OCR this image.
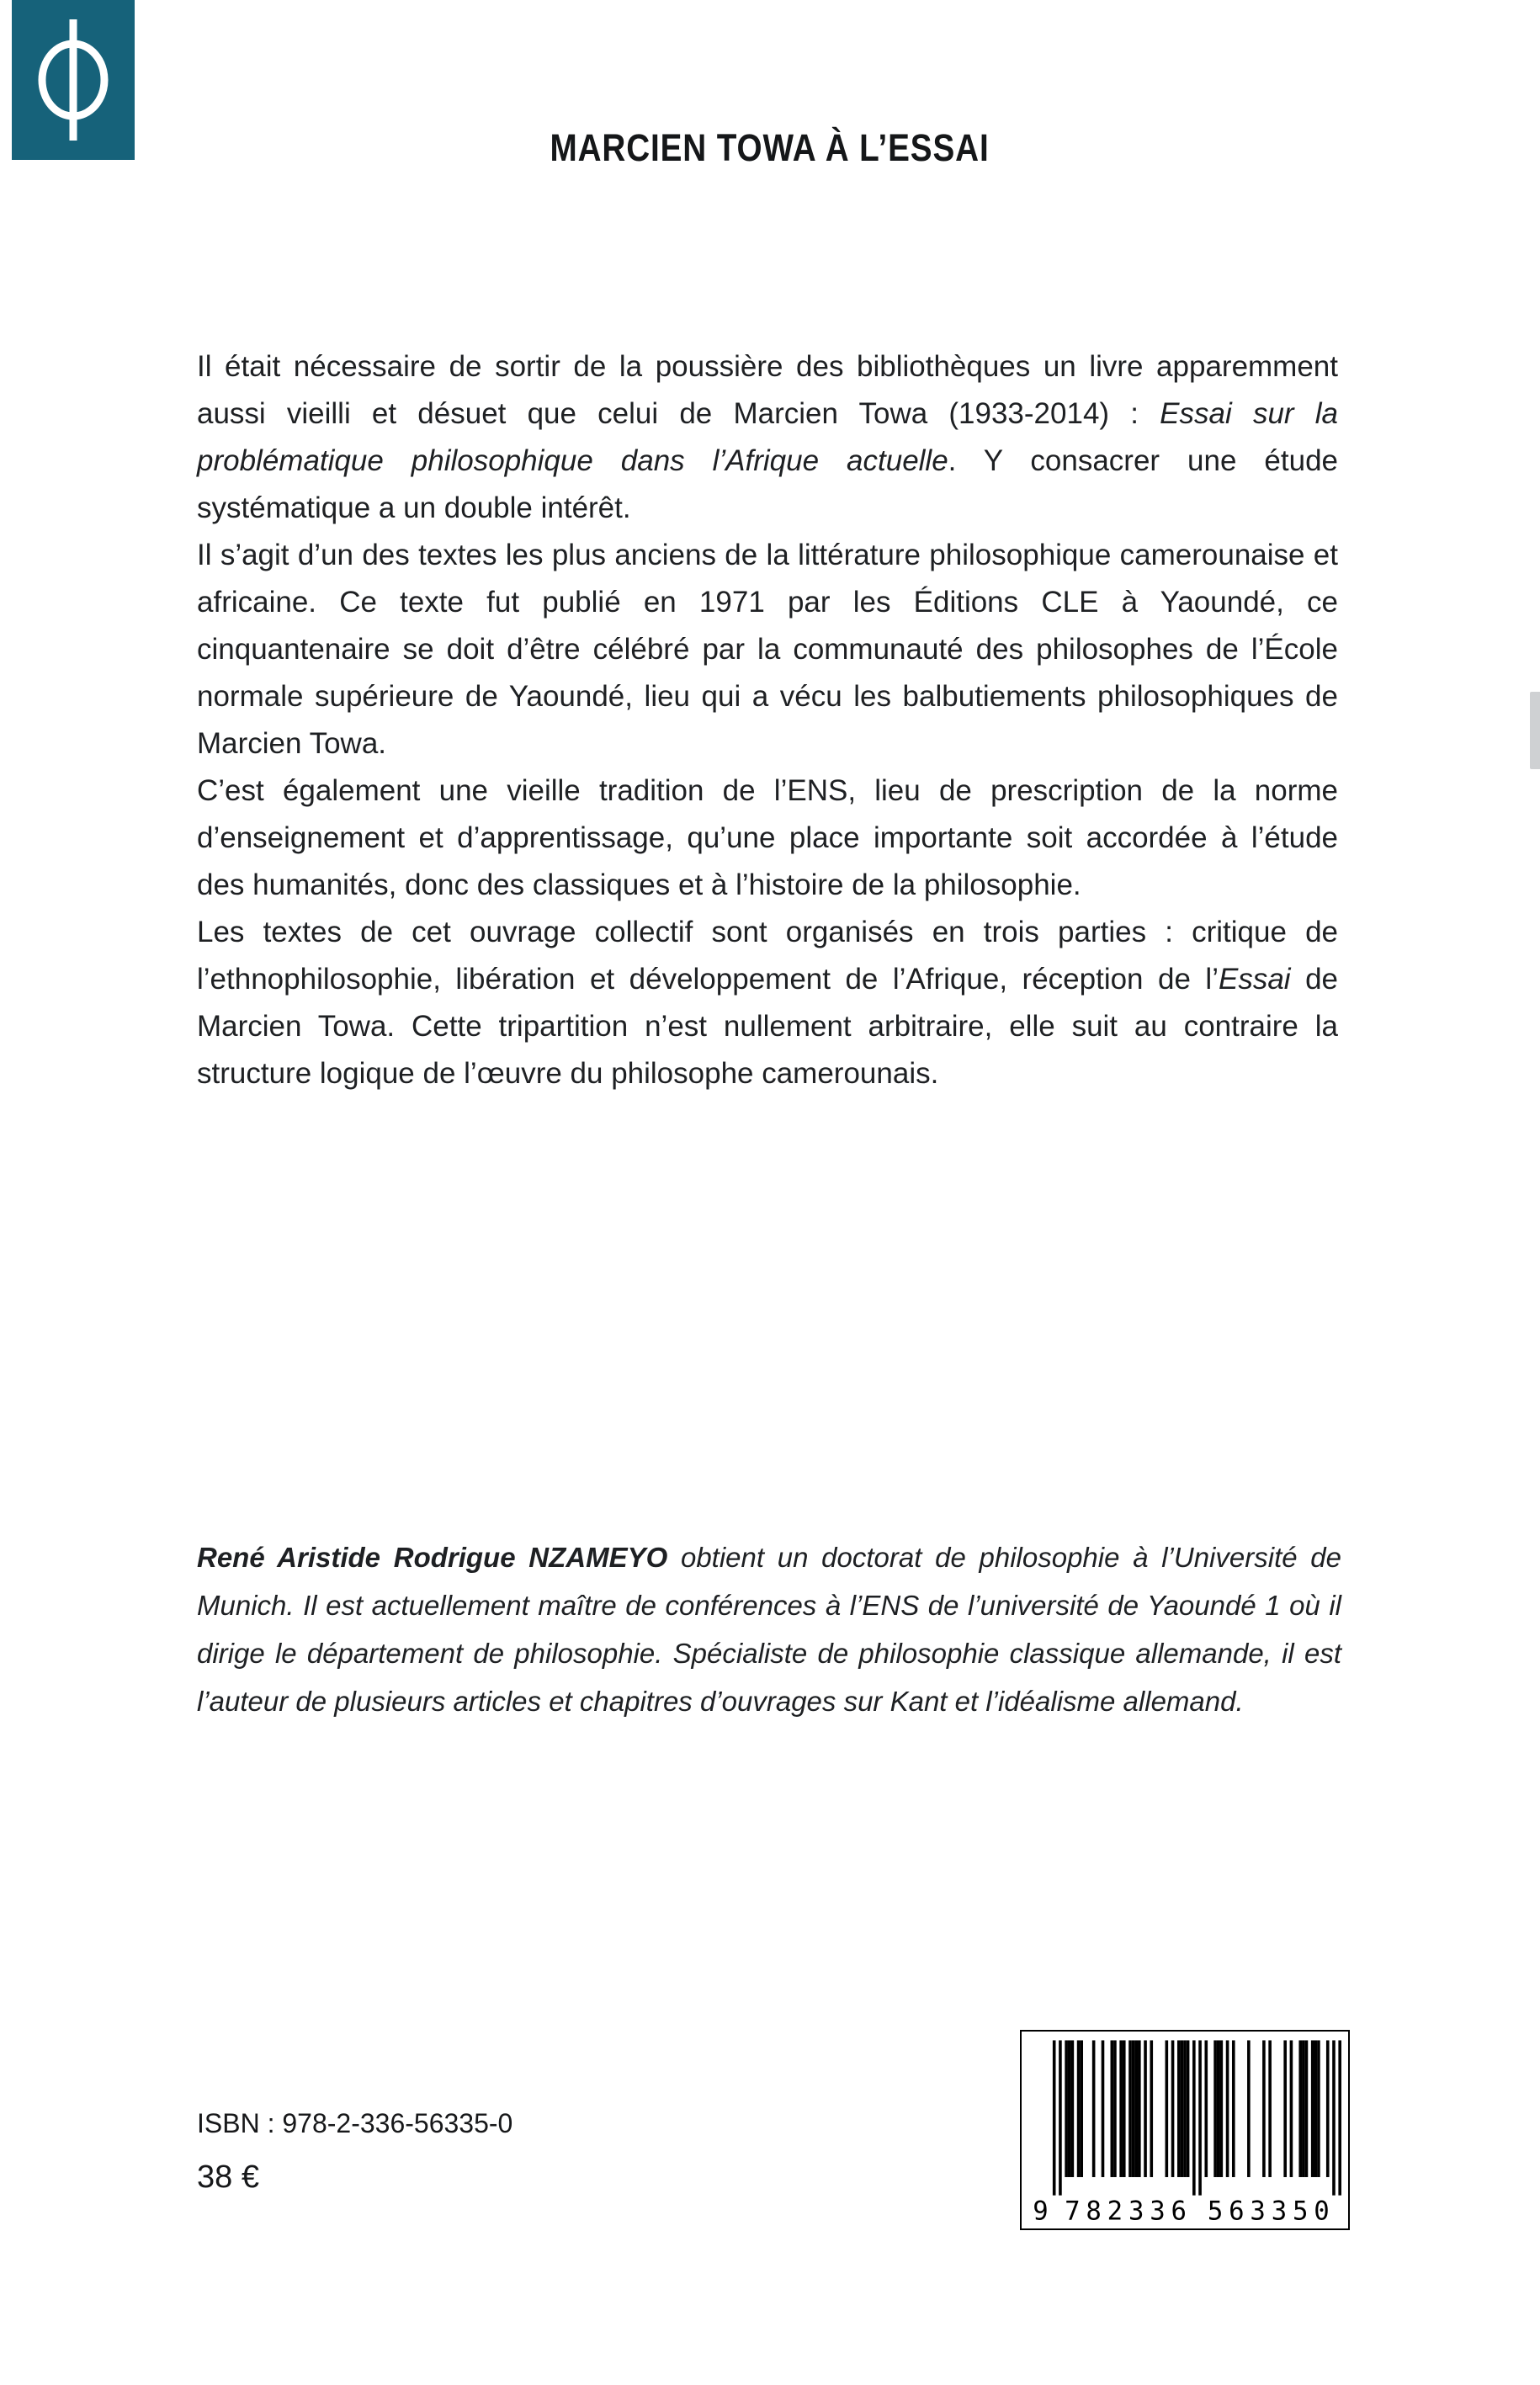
MARCIEN TOWA À L’ESSAI

Il était nécessaire de sortir de la poussière des bibliothèques un livre apparemment aussi vieilli et désuet que celui de Marcien Towa (1933-2014) : Essai sur la problématique philosophique dans l’Afrique actuelle. Y consacrer une étude systématique a un double intérêt.

Il s’agit d’un des textes les plus anciens de la littérature philosophique camerounaise et africaine. Ce texte fut publié en 1971 par les Éditions CLE à Yaoundé, ce cinquantenaire se doit d’être célébré par la communauté des philosophes de l’École normale supérieure de Yaoundé, lieu qui a vécu les balbutiements philosophiques de Marcien Towa.

C’est également une vieille tradition de l’ENS, lieu de prescription de la norme d’enseignement et d’apprentissage, qu’une place importante soit accordée à l’étude des humanités, donc des classiques et à l’histoire de la philosophie.

Les textes de cet ouvrage collectif sont organisés en trois parties : critique de l’ethnophilosophie, libération et développement de l’Afrique, réception de l’Essai de Marcien Towa. Cette tripartition n’est nullement arbitraire, elle suit au contraire la structure logique de l’œuvre du philosophe camerounais.

René Aristide Rodrigue NZAMEYO obtient un doctorat de philosophie à l’Université de Munich. Il est actuellement maître de conférences à l’ENS de l’université de Yaoundé 1 où il dirige le département de philosophie. Spécialiste de philosophie classique allemande, il est l’auteur de plusieurs articles et chapitres d’ouvrages sur Kant et l’idéalisme allemand.
ISBN : 978-2-336-56335-0
38 €
9 7 8 2 3 3 6	5 6 3 3 5 0
